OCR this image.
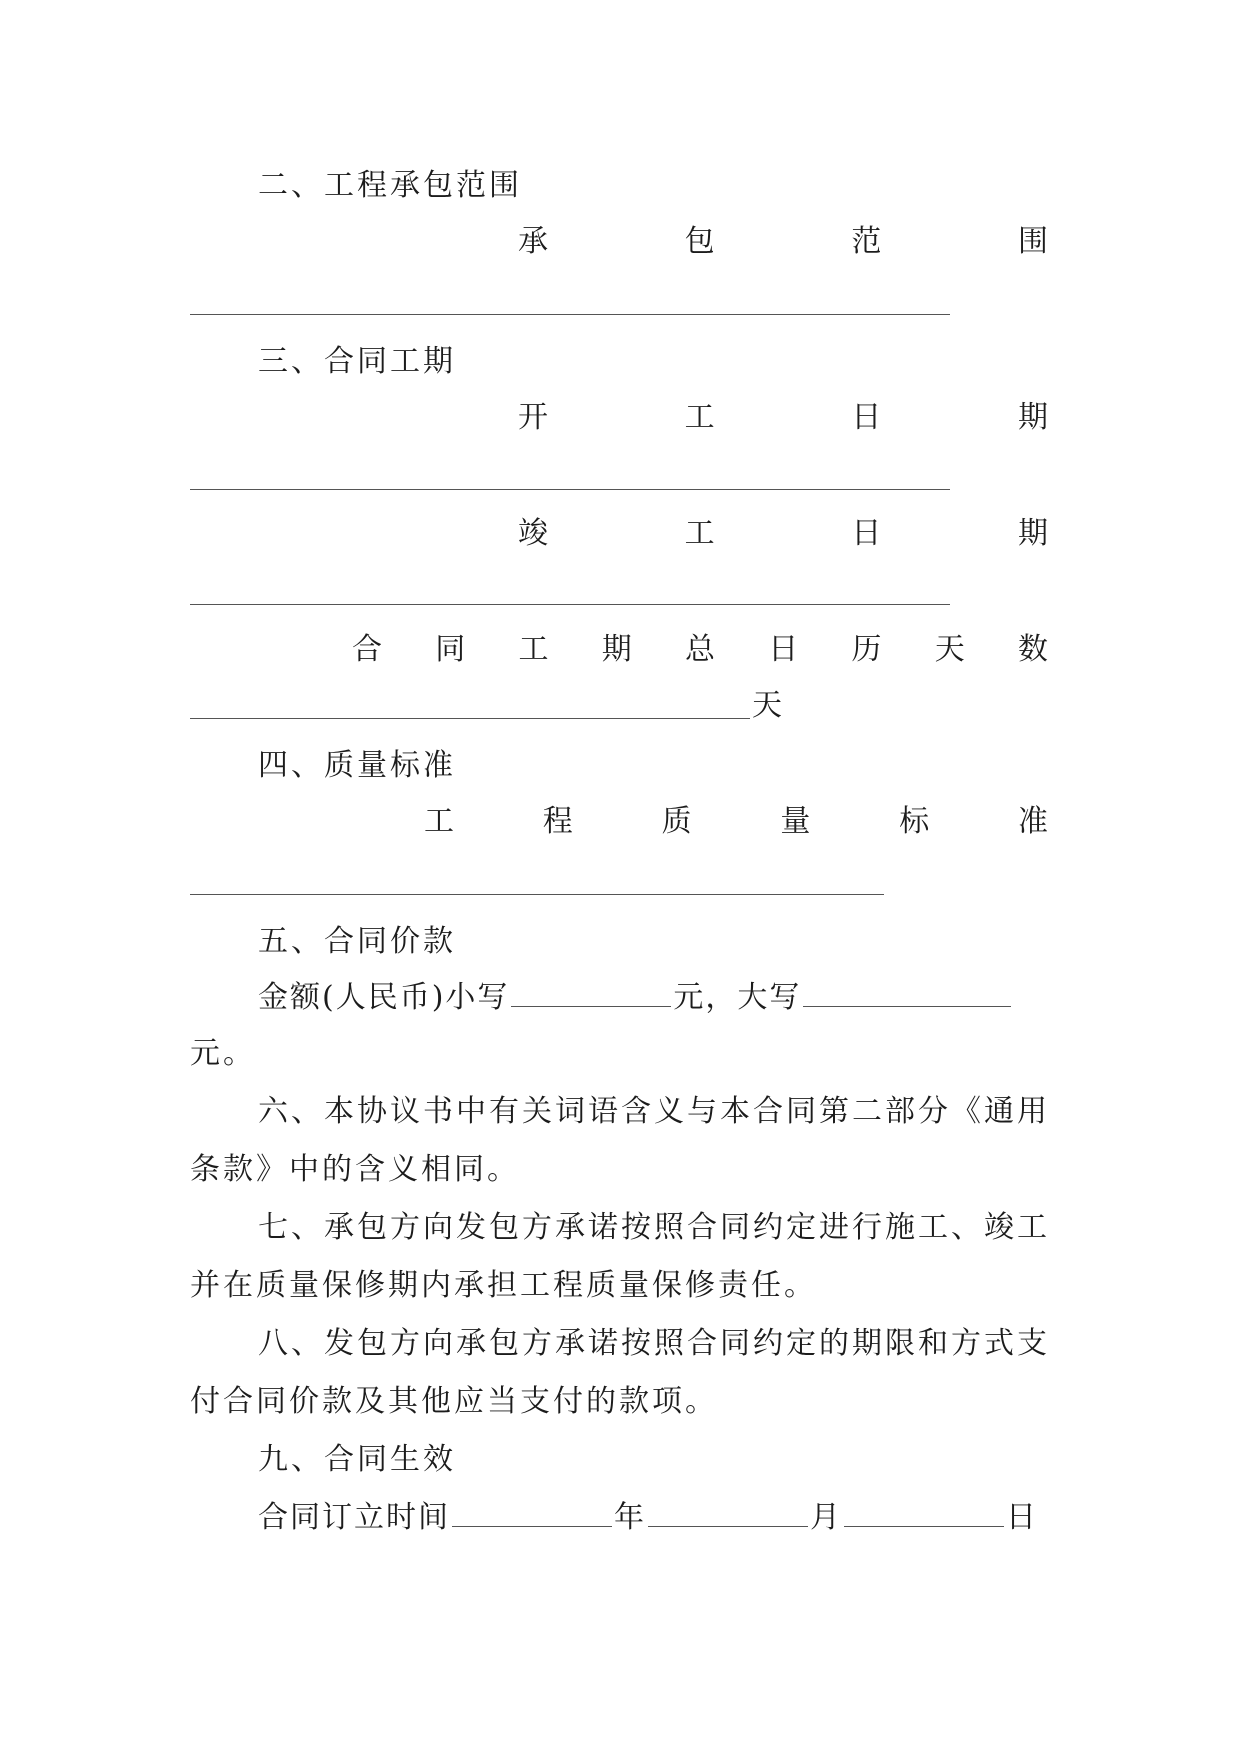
二、工程承包范围
承	包	范	围
三、合同工期
开	工	日	期
竣	工	日	期
合 同 工 期 总 日 历 天 数
天
四、质量标准
工	程	质	量	标	准
五、合同价款
金额(人民币)小写	元，大写
元。
六、本协议书中有关词语含义与本合同第二部分《通用
条款》中的含义相同。
七、承包方向发包方承诺按照合同约定进行施工、竣工
并在质量保修期内承担工程质量保修责任。
八、发包方向承包方承诺按照合同约定的期限和方式支
付合同价款及其他应当支付的款项。
九、合同生效
合同订立时间	年	月	日
